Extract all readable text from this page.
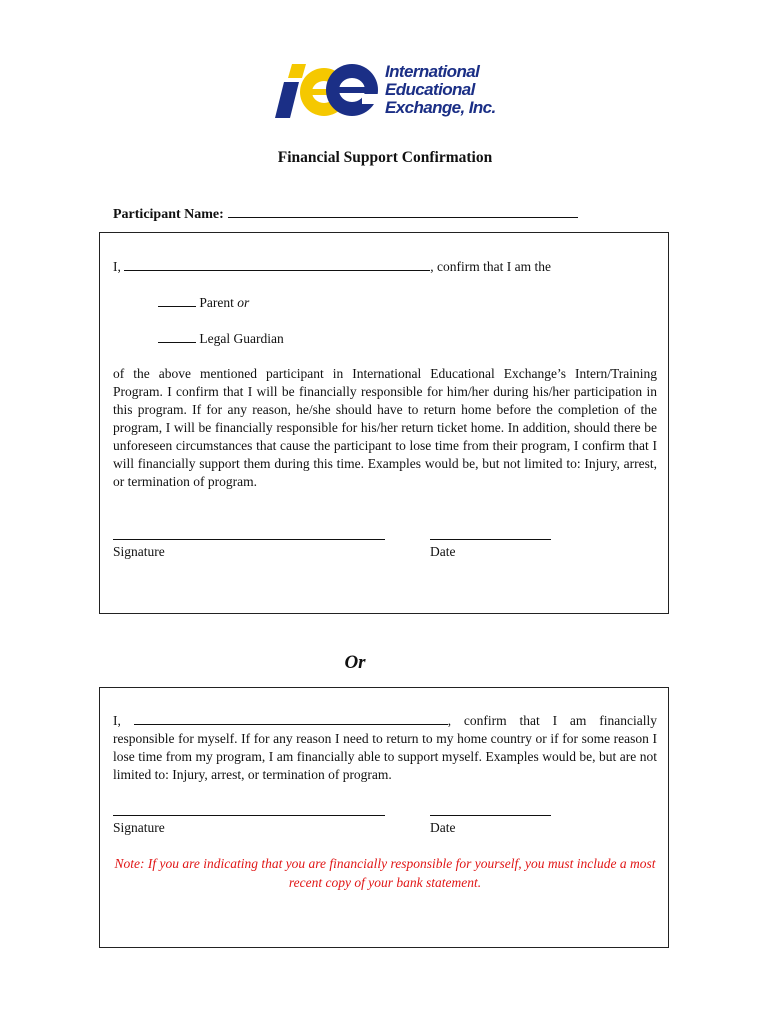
International
Educational
Exchange, Inc.
Financial Support Confirmation
Participant Name:
I,	, confirm that I am the
Parent or
Legal Guardian
of the above mentioned participant in International Educational Exchange’s Intern/Training Program. I confirm that I will be financially responsible for him/her during his/her participation in this program. If for any reason, he/she should have to return home before the completion of the program, I will be financially responsible for his/her return ticket home. In addition, should there be unforeseen circumstances that cause the participant to lose time from their program, I confirm that I will financially support them during this time. Examples would be, but not limited to: Injury, arrest, or termination of program.
Signature	Date
Or
I,	, confirm that I am financially responsible for myself. If for any reason I need to return to my home country or if for some reason I lose time from my program, I am financially able to support myself. Examples would be, but are not limited to: Injury, arrest, or termination of program.
Signature	Date
Note: If you are indicating that you are financially responsible for yourself, you must include a most recent copy of your bank statement.
